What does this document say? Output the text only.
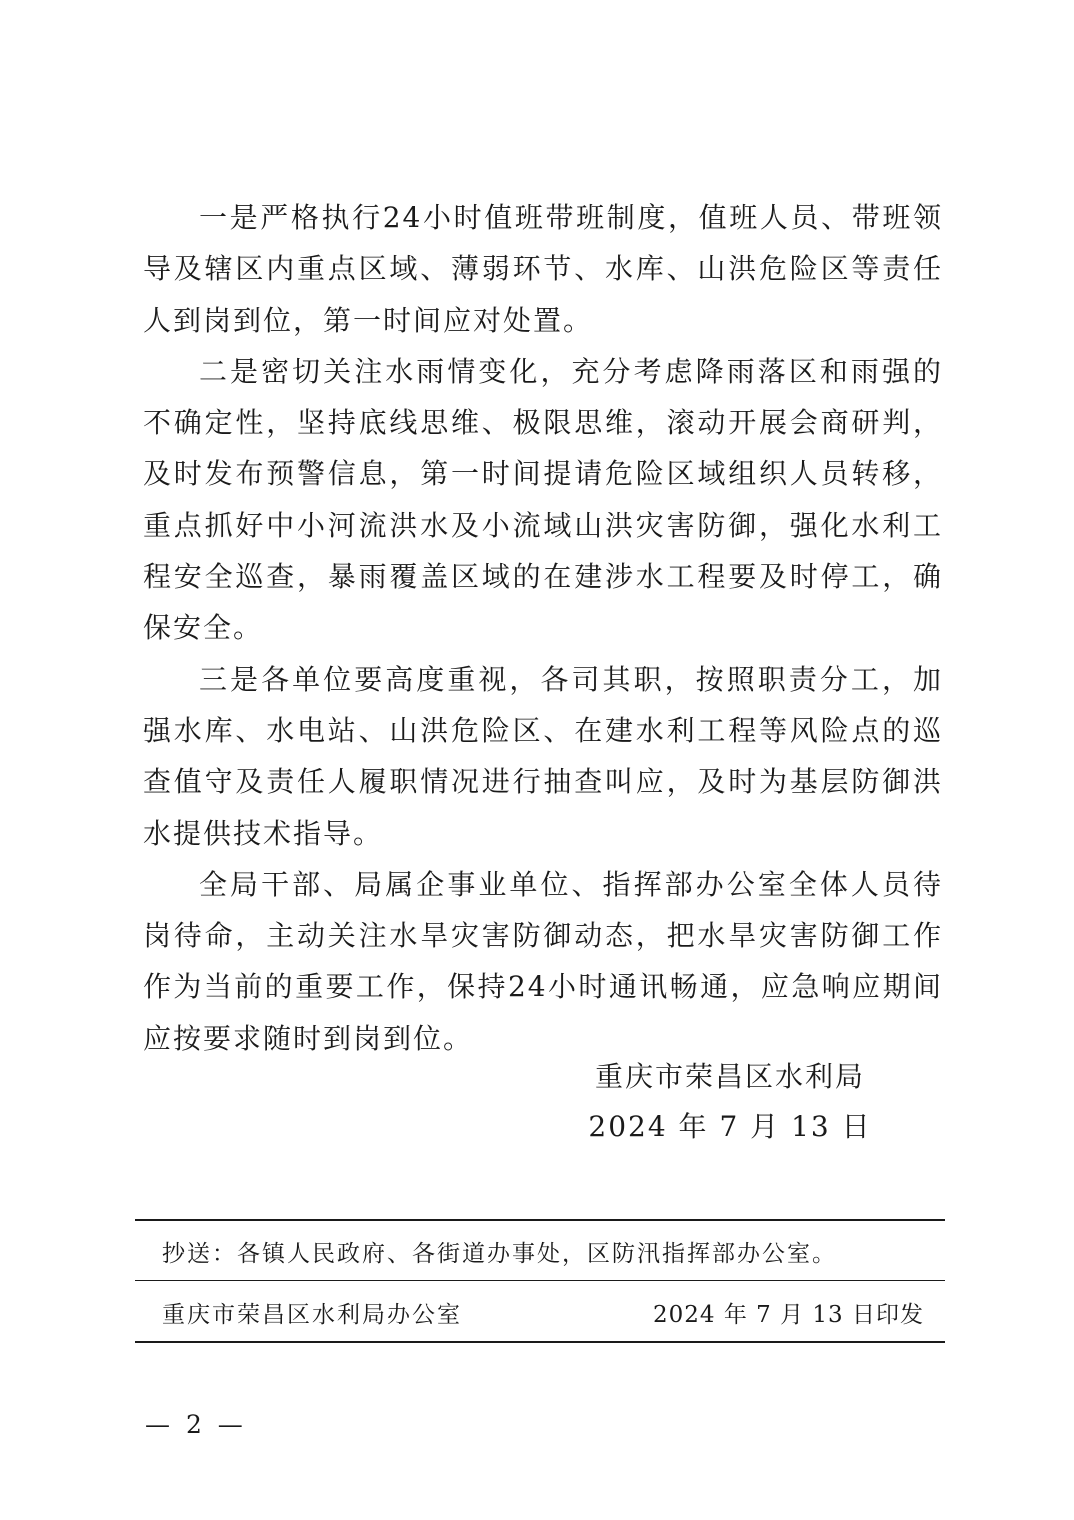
一是严格执行24小时值班带班制度，值班人员、带班领导及辖区内重点区域、薄弱环节、水库、山洪危险区等责任人到岗到位，第一时间应对处置。

二是密切关注水雨情变化，充分考虑降雨落区和雨强的不确定性，坚持底线思维、极限思维，滚动开展会商研判，及时发布预警信息，第一时间提请危险区域组织人员转移，重点抓好中小河流洪水及小流域山洪灾害防御，强化水利工程安全巡查，暴雨覆盖区域的在建涉水工程要及时停工，确保安全。

三是各单位要高度重视，各司其职，按照职责分工，加强水库、水电站、山洪危险区、在建水利工程等风险点的巡查值守及责任人履职情况进行抽查叫应，及时为基层防御洪水提供技术指导。

全局干部、局属企事业单位、指挥部办公室全体人员待岗待命，主动关注水旱灾害防御动态，把水旱灾害防御工作作为当前的重要工作，保持24小时通讯畅通，应急响应期间应按要求随时到岗到位。

重庆市荣昌区水利局
2024 年 7 月 13 日
抄送：各镇人民政府、各街道办事处，区防汛指挥部办公室。
重庆市荣昌区水利局办公室	2024 年 7 月 13 日印发
— 2 —
